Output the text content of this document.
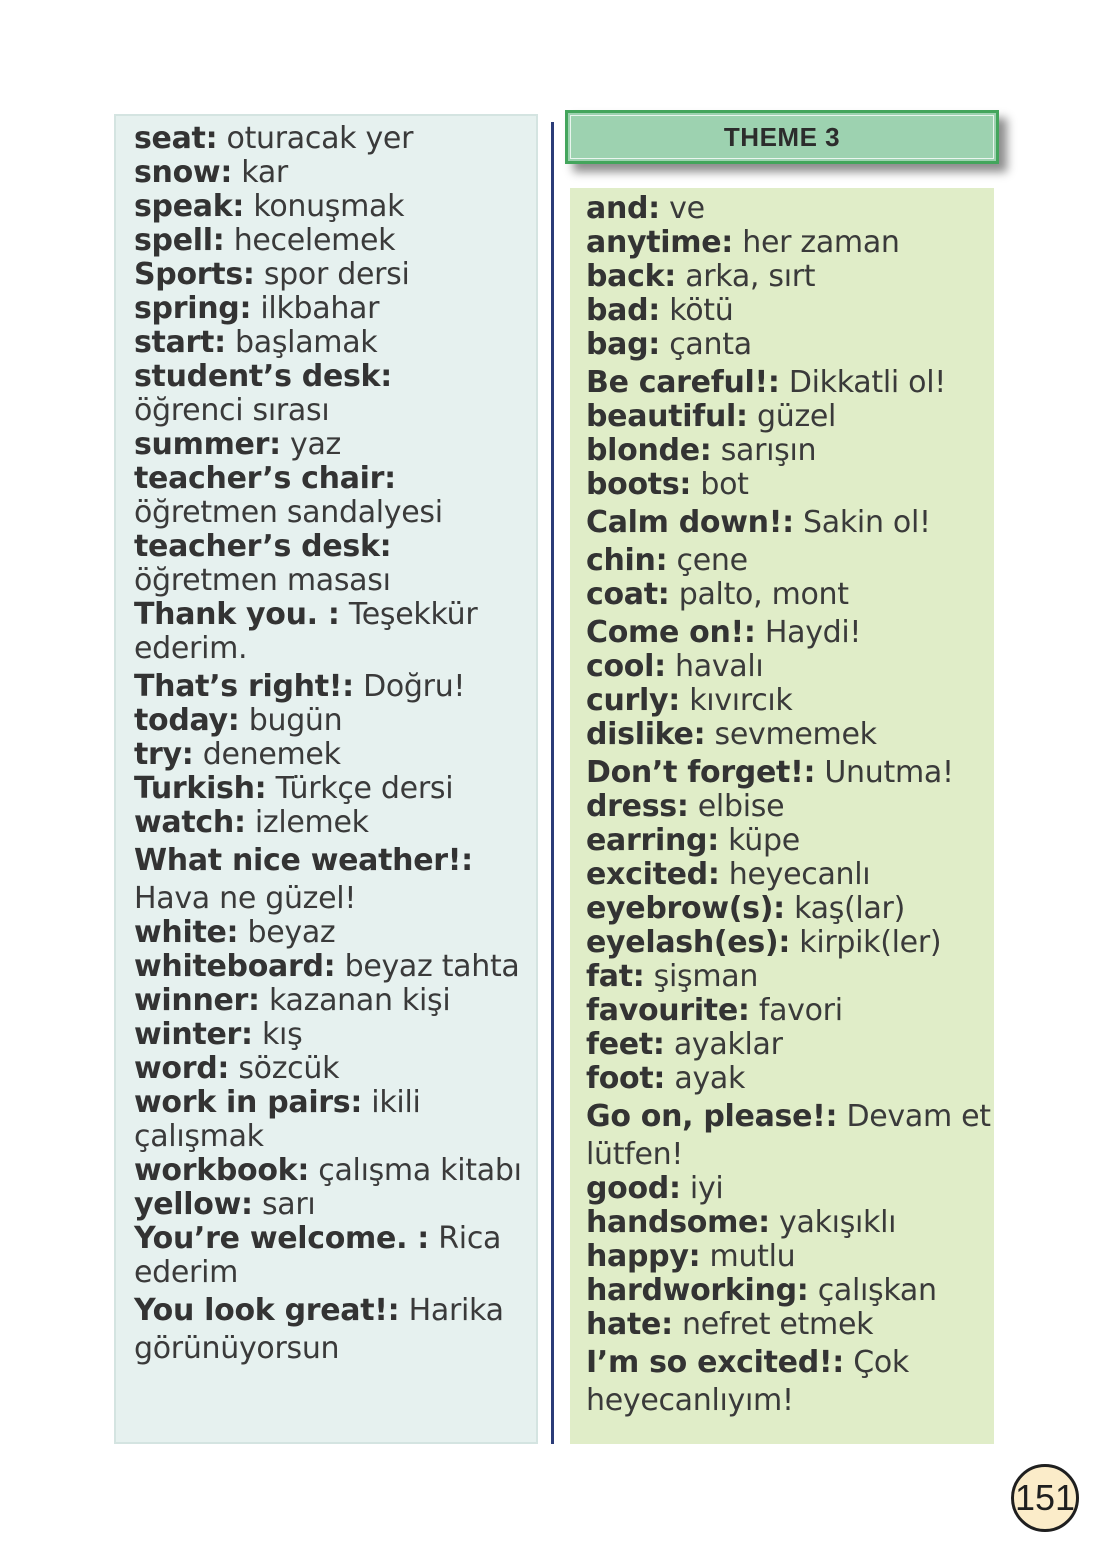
seat: oturacak yer
snow: kar
speak: konuşmak
spell: hecelemek
Sports: spor dersi
spring: ilkbahar
start: başlamak
student’s desk:
öğrenci sırası
summer: yaz
teacher’s chair:
öğretmen sandalyesi
teacher’s desk:
öğretmen masası
Thank you. : Teşekkür
ederim.
That’s right!: Doğru!
today: bugün
try: denemek
Turkish: Türkçe dersi
watch: izlemek
What nice weather!:
Hava ne güzel!
white: beyaz
whiteboard: beyaz tahta
winner: kazanan kişi
winter: kış
word: sözcük
work in pairs: ikili
çalışmak
workbook: çalışma kitabı
yellow: sarı
You’re welcome. : Rica
ederim
You look great!: Harika
görünüyorsun
THEME 3
and: ve
anytime: her zaman
back: arka, sırt
bad: kötü
bag: çanta
Be careful!: Dikkatli ol!
beautiful: güzel
blonde: sarışın
boots: bot
Calm down!: Sakin ol!
chin: çene
coat: palto, mont
Come on!: Haydi!
cool: havalı
curly: kıvırcık
dislike: sevmemek
Don’t forget!: Unutma!
dress: elbise
earring: küpe
excited: heyecanlı
eyebrow(s): kaş(lar)
eyelash(es): kirpik(ler)
fat: şişman
favourite: favori
feet: ayaklar
foot: ayak
Go on, please!: Devam et
lütfen!
good: iyi
handsome: yakışıklı
happy: mutlu
hardworking: çalışkan
hate: nefret etmek
I’m so excited!: Çok
heyecanlıyım!
151
